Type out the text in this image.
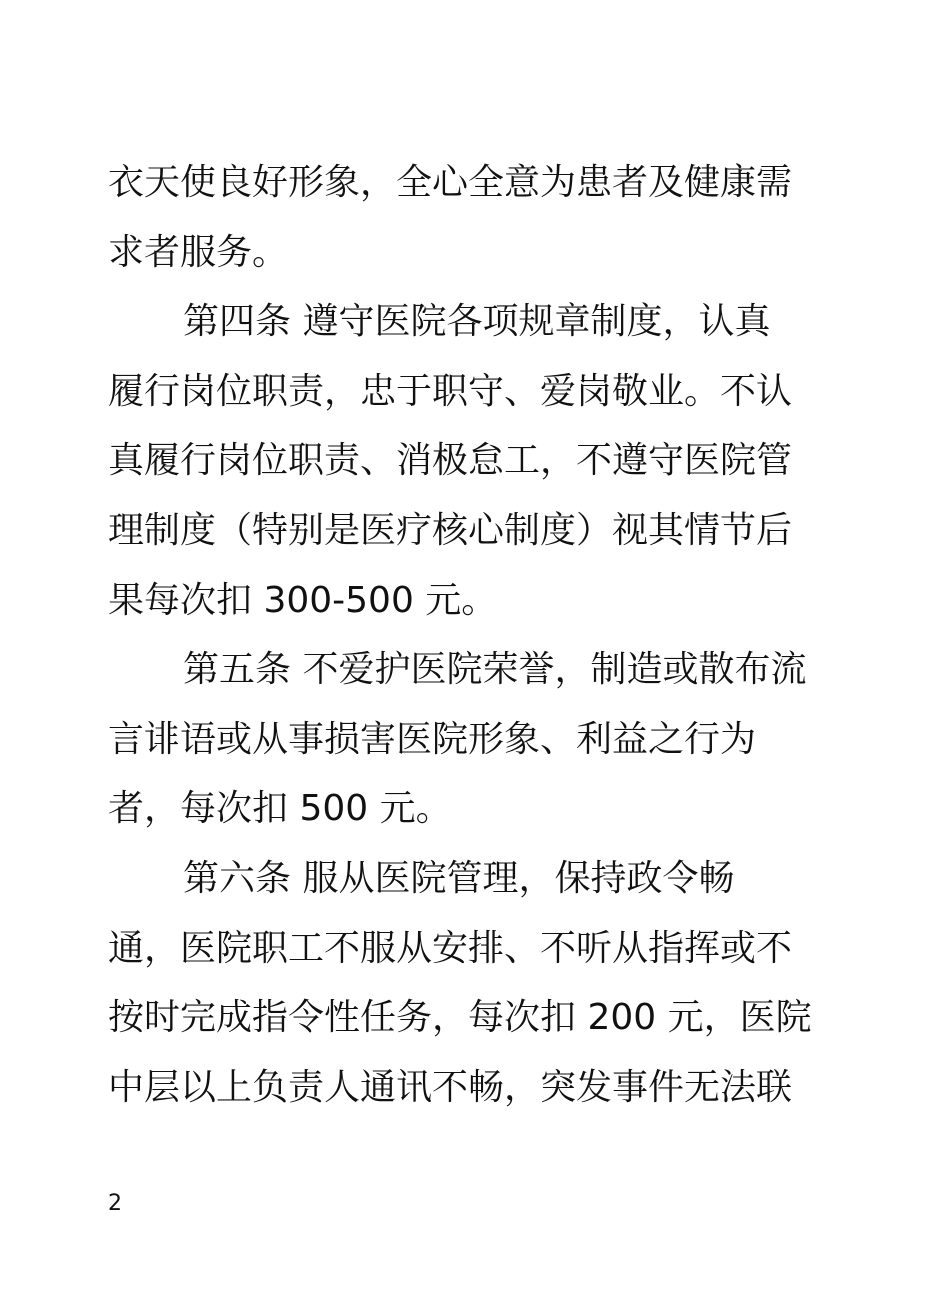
衣天使良好形象，全心全意为患者及健康需
求者服务。
第四条 遵守医院各项规章制度，认真
履行岗位职责，忠于职守、爱岗敬业。不认
真履行岗位职责、消极怠工，不遵守医院管
理制度（特别是医疗核心制度）视其情节后
果每次扣 300-500 元。
第五条 不爱护医院荣誉，制造或散布流
言诽语或从事损害医院形象、利益之行为
者，每次扣 500 元。
第六条 服从医院管理，保持政令畅
通，医院职工不服从安排、不听从指挥或不
按时完成指令性任务，每次扣 200 元，医院
中层以上负责人通讯不畅，突发事件无法联
2
